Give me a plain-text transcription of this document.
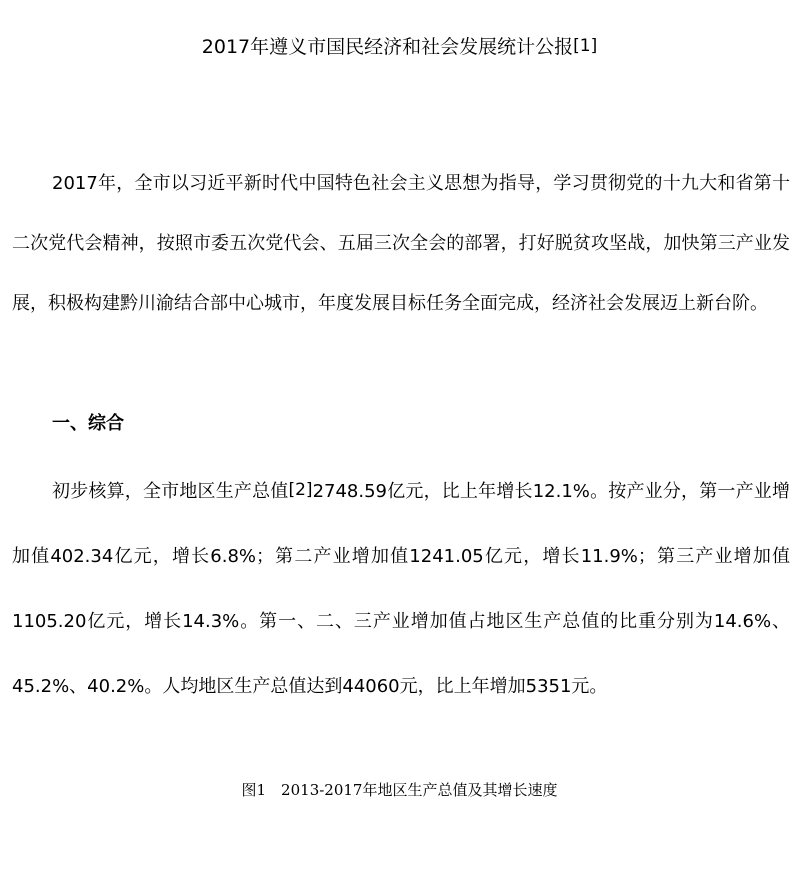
2017年遵义市国民经济和社会发展统计公报[1]

2017年，全市以习近平新时代中国特色社会主义思想为指导，学习贯彻党的十九大和省第十二次党代会精神，按照市委五次党代会、五届三次全会的部署，打好脱贫攻坚战，加快第三产业发展，积极构建黔川渝结合部中心城市，年度发展目标任务全面完成，经济社会发展迈上新台阶。

一、综合

初步核算，全市地区生产总值[2]2748.59亿元，比上年增长12.1%。按产业分，第一产业增加值402.34亿元，增长6.8%；第二产业增加值1241.05亿元，增长11.9%；第三产业增加值1105.20亿元，增长14.3%。第一、二、三产业增加值占地区生产总值的比重分别为14.6%、45.2%、40.2%。人均地区生产总值达到44060元，比上年增加5351元。

图1　2013-2017年地区生产总值及其增长速度
